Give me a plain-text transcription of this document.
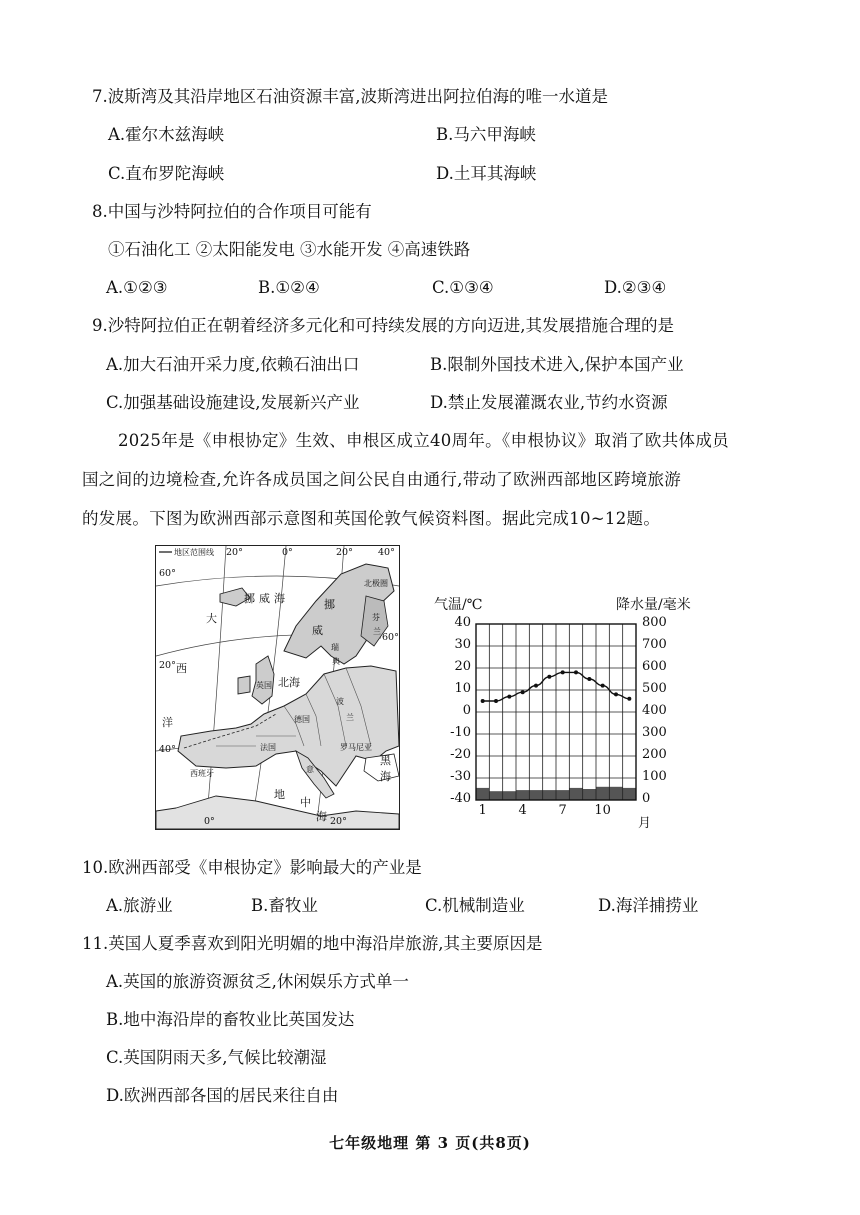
7.波斯湾及其沿岸地区石油资源丰富,波斯湾进出阿拉伯海的唯一水道是
A.霍尔木兹海峡	B.马六甲海峡
C.直布罗陀海峡	D.土耳其海峡
8.中国与沙特阿拉伯的合作项目可能有
①石油化工 ②太阳能发电 ③水能开发 ④高速铁路
A.①②③	B.①②④	C.①③④	D.②③④
9.沙特阿拉伯正在朝着经济多元化和可持续发展的方向迈进,其发展措施合理的是
A.加大石油开采力度,依赖石油出口	B.限制外国技术进入,保护本国产业
C.加强基础设施建设,发展新兴产业	D.禁止发展灌溉农业,节约水资源
2025年是《申根协定》生效、申根区成立40周年。《申根协议》取消了欧共体成员
国之间的边境检查,允许各成员国之间公民自由通行,带动了欧洲西部地区跨境旅游
的发展。下图为欧洲西部示意图和英国伦敦气候资料图。据此完成10~12题。
地区范围线 20°	0°	20°	40°
60°
北极圈
挪威海
大
挪
威
瑞
典
芬
兰
60°
20° 西
英国 北海
洋	德国
波
兰
法国
40°	罗马尼亚
西班牙	意
黑
海
地
中
海
0°	20°
气温/℃	降水量/毫米
月
40
30
20
10
0
-10
-20
-30
-40
800
700
600
500
400
300
200
100
0
1 4 7 10
10.欧洲西部受《申根协定》影响最大的产业是
A.旅游业	B.畜牧业	C.机械制造业	D.海洋捕捞业
11.英国人夏季喜欢到阳光明媚的地中海沿岸旅游,其主要原因是
A.英国的旅游资源贫乏,休闲娱乐方式单一
B.地中海沿岸的畜牧业比英国发达
C.英国阴雨天多,气候比较潮湿
D.欧洲西部各国的居民来往自由
七年级地理 第 3 页(共8页)
